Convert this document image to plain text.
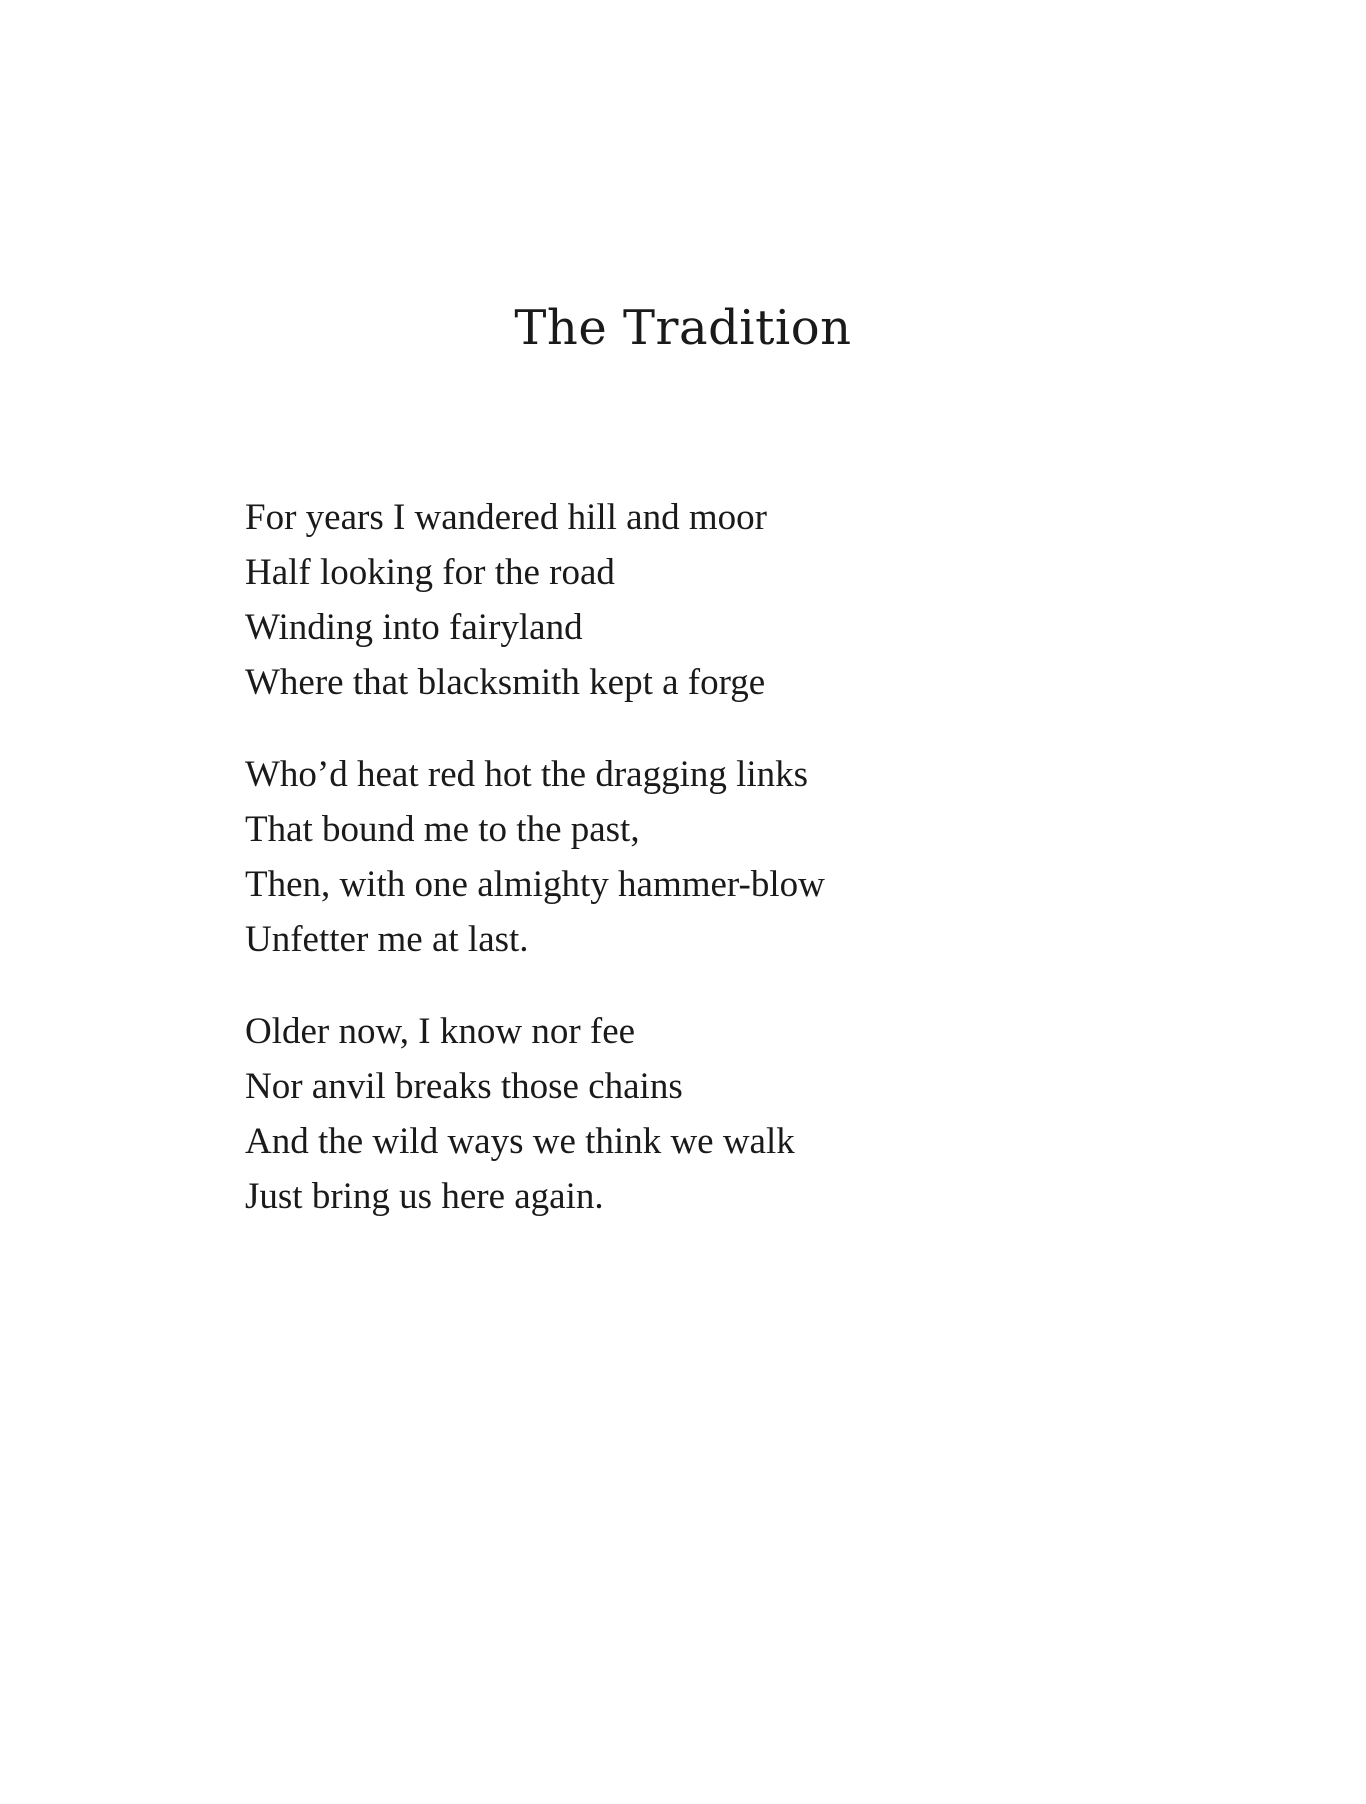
The Tradition
For years I wandered hill and moor
Half looking for the road
Winding into fairyland
Where that blacksmith kept a forge
Who’d heat red hot the dragging links
That bound me to the past,
Then, with one almighty hammer-blow
Unfetter me at last.
Older now, I know nor fee
Nor anvil breaks those chains
And the wild ways we think we walk
Just bring us here again.
